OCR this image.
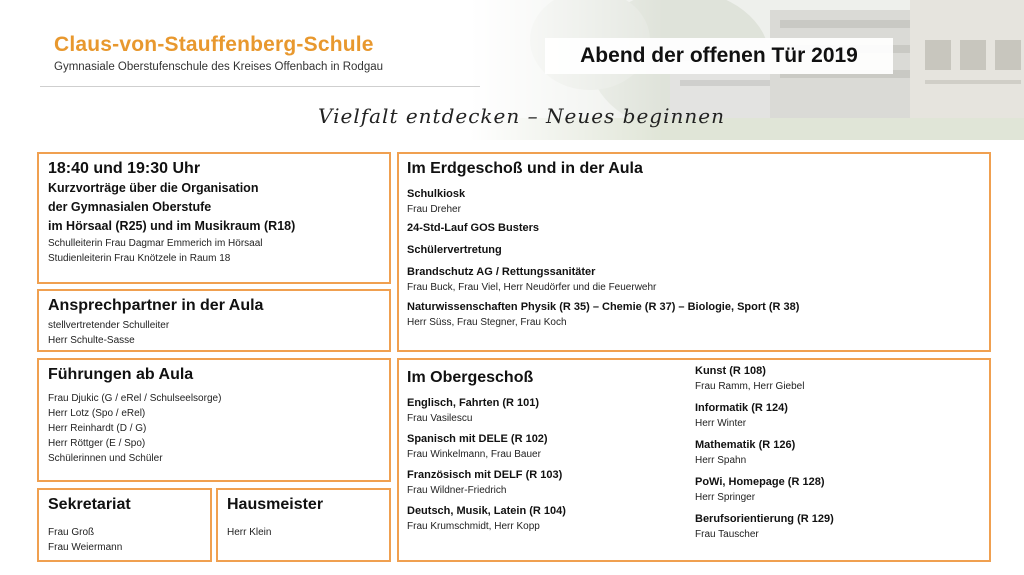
Claus-von-Stauffenberg-Schule
Gymnasiale Oberstufenschule des Kreises Offenbach in Rodgau	Abend der offenen Tür 2019
Vielfalt entdecken – Neues beginnen
18:40 und 19:30 Uhr
Kurzvorträge über die Organisation
der Gymnasialen Oberstufe
im Hörsaal (R25) und im Musikraum (R18)
Schulleiterin Frau Dagmar Emmerich im Hörsaal
Studienleiterin Frau Knötzele in Raum 18
Ansprechpartner in der Aula
stellvertretender Schulleiter
Herr Schulte-Sasse
Führungen ab Aula
Frau Djukic (G / eRel / Schulseelsorge)
Herr Lotz (Spo / eRel)
Herr Reinhardt (D / G)
Herr Röttger (E / Spo)
Schülerinnen und Schüler
Sekretariat
Frau Groß
Frau Weiermann
Hausmeister
Herr Klein
Im Erdgeschoß und in der Aula
Schulkiosk
Frau Dreher
24-Std-Lauf GOS Busters
Schülervertretung
Brandschutz AG / Rettungssanitäter
Frau Buck, Frau Viel, Herr Neudörfer und die Feuerwehr
Naturwissenschaften Physik (R 35) – Chemie (R 37) – Biologie, Sport (R 38)
Herr Süss, Frau Stegner, Frau Koch
Im Obergeschoß
Englisch, Fahrten (R 101)
Frau Vasilescu
Spanisch mit DELE (R 102)
Frau Winkelmann, Frau Bauer
Französisch mit DELF (R 103)
Frau Wildner-Friedrich
Deutsch, Musik, Latein (R 104)
Frau Krumschmidt, Herr Kopp
Kunst (R 108)
Frau Ramm, Herr Giebel
Informatik (R 124)
Herr Winter
Mathematik (R 126)
Herr Spahn
PoWi, Homepage (R 128)
Herr Springer
Berufsorientierung (R 129)
Frau Tauscher
